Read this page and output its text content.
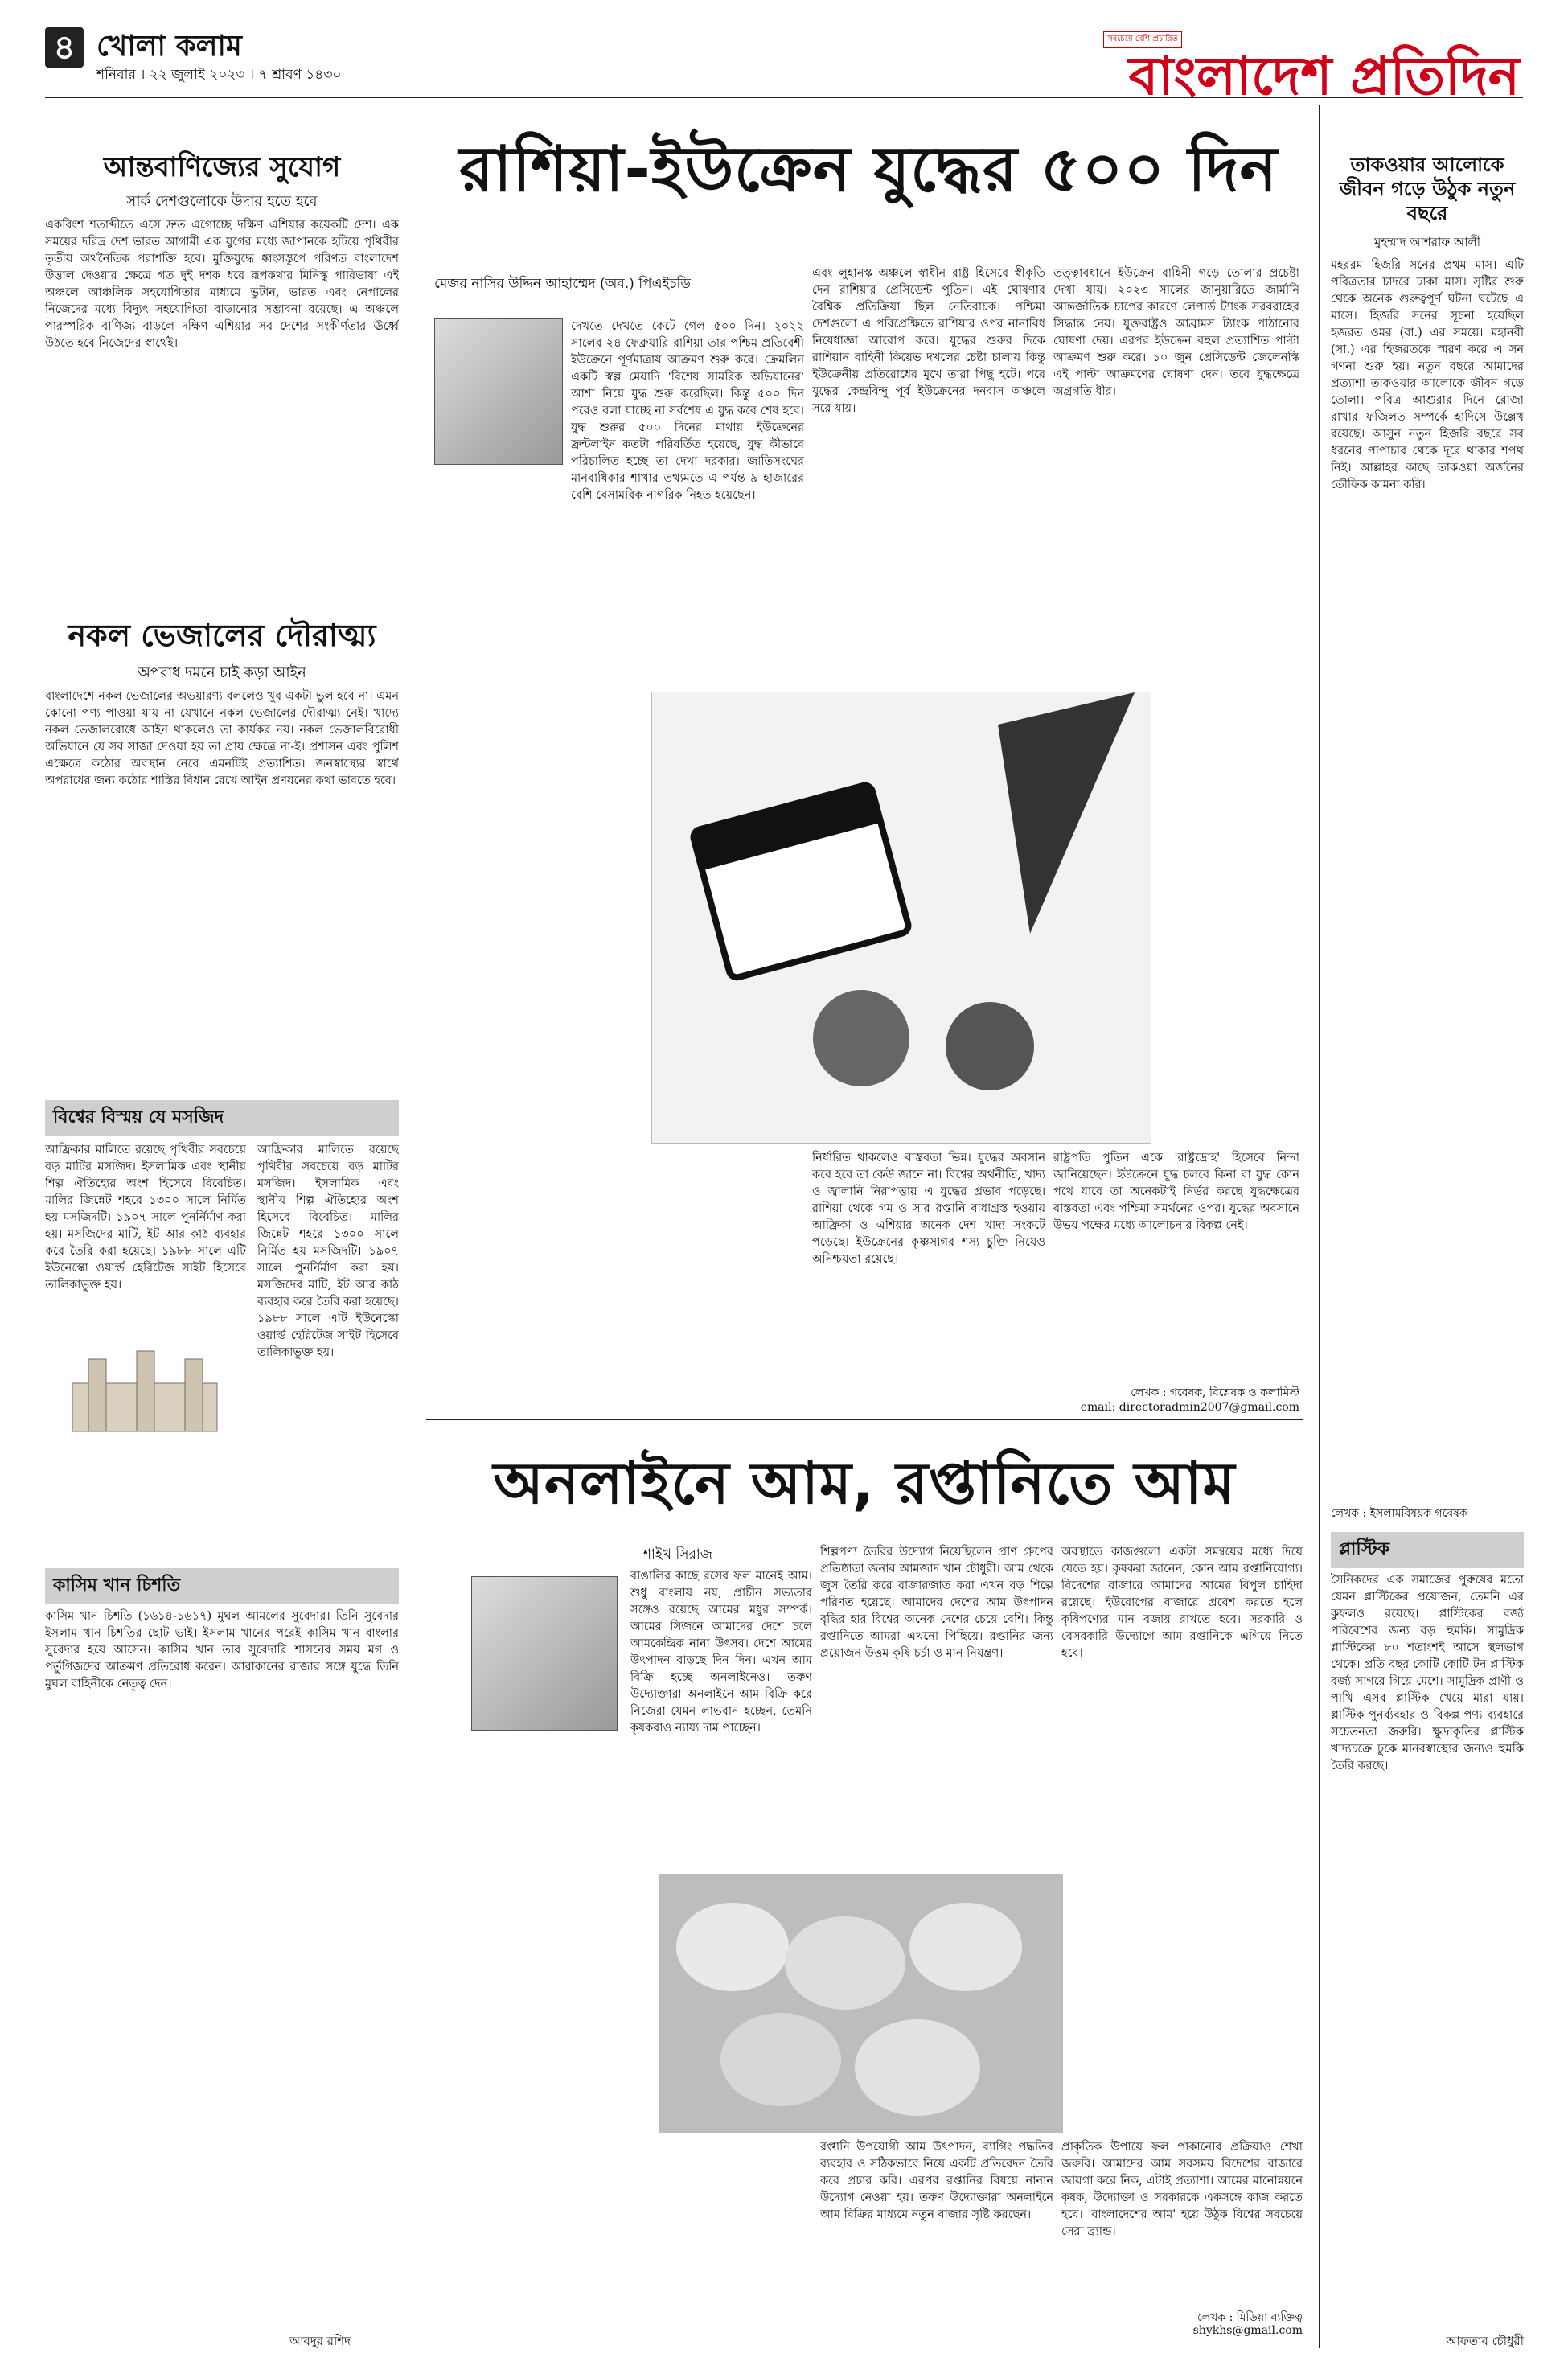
৪ খোলা কলাম
শনিবার । ২২ জুলাই ২০২৩ । ৭ শ্রাবণ ১৪৩০
সবচেয়ে বেশি প্রচারিত
বাংলাদেশ প্রতিদিন
আন্তবাণিজ্যের সুযোগ
সার্ক দেশগুলোকে উদার হতে হবে
একবিংশ শতাব্দীতে এসে দ্রুত এগোচ্ছে দক্ষিণ এশিয়ার কয়েকটি দেশ। এক সময়ের দরিদ্র দেশ ভারত আগামী এক যুগের মধ্যে জাপানকে হটিয়ে পৃথিবীর তৃতীয় অর্থনৈতিক পরাশক্তি হবে। মুক্তিযুদ্ধে ধ্বংসস্তূপে পরিণত বাংলাদেশ উত্তাল দেওয়ার ক্ষেত্রে গত দুই দশক ধরে রূপকথার মিনিস্কু পারিভাষা এই অঞ্চলে আঞ্চলিক সহযোগিতার মাধ্যমে ভুটান, ভারত এবং নেপালের নিজেদের মধ্যে বিদ্যুৎ সহযোগিতা বাড়ানোর সম্ভাবনা রয়েছে। এ অঞ্চলে পারস্পরিক বাণিজ্য বাড়লে দক্ষিণ এশিয়ার সব দেশের সংকীর্ণতার ঊর্ধ্বে উঠতে হবে নিজেদের স্বার্থেই।
নকল ভেজালের দৌরাত্ম্য
অপরাধ দমনে চাই কড়া আইন
বাংলাদেশে নকল ভেজালের অভয়ারণ্য বললেও খুব একটা ভুল হবে না। এমন কোনো পণ্য পাওয়া যায় না যেখানে নকল ভেজালের দৌরাত্ম্য নেই। খাদ্যে নকল ভেজালরোধে আইন থাকলেও তা কার্যকর নয়। নকল ভেজালবিরোধী অভিযানে যে সব সাজা দেওয়া হয় তা প্রায় ক্ষেত্রে না-ই। প্রশাসন এবং পুলিশ এক্ষেত্রে কঠোর অবস্থান নেবে এমনটিই প্রত্যাশিত। জনস্বাস্থ্যের স্বার্থে অপরাধের জন্য কঠোর শাস্তির বিধান রেখে আইন প্রণয়নের কথা ভাবতে হবে।
বিশ্বের বিস্ময় যে মসজিদ
আফ্রিকার মালিতে রয়েছে পৃথিবীর সবচেয়ে বড় মাটির মসজিদ। ইসলামিক এবং স্থানীয় শিল্প ঐতিহ্যের অংশ হিসেবে বিবেচিত। মালির জিন্নেট শহরে ১৩০০ সালে নির্মিত হয় মসজিদটি। ১৯০৭ সালে পুনর্নির্মাণ করা হয়। মসজিদের মাটি, ইট আর কাঠ ব্যবহার করে তৈরি করা হয়েছে। ১৯৮৮ সালে এটি ইউনেস্কো ওয়ার্ল্ড হেরিটেজ সাইট হিসেবে তালিকাভুক্ত হয়।
আফ্রিকার মালিতে রয়েছে পৃথিবীর সবচেয়ে বড় মাটির মসজিদ। ইসলামিক এবং স্থানীয় শিল্প ঐতিহ্যের অংশ হিসেবে বিবেচিত। মালির জিন্নেট শহরে ১৩০০ সালে নির্মিত হয় মসজিদটি। ১৯০৭ সালে পুনর্নির্মাণ করা হয়। মসজিদের মাটি, ইট আর কাঠ ব্যবহার করে তৈরি করা হয়েছে। ১৯৮৮ সালে এটি ইউনেস্কো ওয়ার্ল্ড হেরিটেজ সাইট হিসেবে তালিকাভুক্ত হয়।
কাসিম খান চিশতি
কাসিম খান চিশতি (১৬১৪-১৬১৭) মুঘল আমলের সুবেদার। তিনি সুবেদার ইসলাম খান চিশতির ছোট ভাই। ইসলাম খানের পরেই কাসিম খান বাংলার সুবেদার হয়ে আসেন। কাসিম খান তার সুবেদারি শাসনের সময় মগ ও পর্তুগিজদের আক্রমণ প্রতিরোধ করেন। আরাকানের রাজার সঙ্গে যুদ্ধে তিনি মুঘল বাহিনীকে নেতৃত্ব দেন।
আবদুর রশিদ
রাশিয়া-ইউক্রেন যুদ্ধের ৫০০ দিন
মেজর নাসির উদ্দিন আহাম্মেদ (অব.) পিএইচডি
দেখতে দেখতে কেটে গেল ৫০০ দিন। ২০২২ সালের ২৪ ফেব্রুয়ারি রাশিয়া তার পশ্চিম প্রতিবেশী ইউক্রেনে পূর্ণমাত্রায় আক্রমণ শুরু করে। ক্রেমলিন একটি স্বল্প মেয়াদি 'বিশেষ সামরিক অভিযানের' আশা নিয়ে যুদ্ধ শুরু করেছিল। কিন্তু ৫০০ দিন পরেও বলা যাচ্ছে না সর্বশেষ এ যুদ্ধ কবে শেষ হবে। যুদ্ধ শুরুর ৫০০ দিনের মাথায় ইউক্রেনের ফ্রন্টলাইন কতটা পরিবর্তিত হয়েছে, যুদ্ধ কীভাবে পরিচালিত হচ্ছে তা দেখা দরকার। জাতিসংঘের মানবাধিকার শাখার তথ্যমতে এ পর্যন্ত ৯ হাজারের বেশি বেসামরিক নাগরিক নিহত হয়েছেন।
এবং লুহানস্ক অঞ্চলে স্বাধীন রাষ্ট্র হিসেবে স্বীকৃতি দেন রাশিয়ার প্রেসিডেন্ট পুতিন। এই ঘোষণার বৈশ্বিক প্রতিক্রিয়া ছিল নেতিবাচক। পশ্চিমা দেশগুলো এ পরিপ্রেক্ষিতে রাশিয়ার ওপর নানাবিধ নিষেধাজ্ঞা আরোপ করে। যুদ্ধের শুরুর দিকে রাশিয়ান বাহিনী কিয়েভ দখলের চেষ্টা চালায় কিন্তু ইউক্রেনীয় প্রতিরোধের মুখে তারা পিছু হটে। পরে যুদ্ধের কেন্দ্রবিন্দু পূর্ব ইউক্রেনের দনবাস অঞ্চলে সরে যায়।
তত্ত্বাবধানে ইউক্রেন বাহিনী গড়ে তোলার প্রচেষ্টা দেখা যায়। ২০২৩ সালের জানুয়ারিতে জার্মানি আন্তর্জাতিক চাপের কারণে লেপার্ড ট্যাংক সরবরাহের সিদ্ধান্ত নেয়। যুক্তরাষ্ট্রও আব্রামস ট্যাংক পাঠানোর ঘোষণা দেয়। এরপর ইউক্রেন বহুল প্রত্যাশিত পাল্টা আক্রমণ শুরু করে। ১০ জুন প্রেসিডেন্ট জেলেনস্কি এই পাল্টা আক্রমণের ঘোষণা দেন। তবে যুদ্ধক্ষেত্রে অগ্রগতি ধীর।
নির্ধারিত থাকলেও বাস্তবতা ভিন্ন। যুদ্ধের অবসান কবে হবে তা কেউ জানে না। বিশ্বের অর্থনীতি, খাদ্য ও জ্বালানি নিরাপত্তায় এ যুদ্ধের প্রভাব পড়েছে। রাশিয়া থেকে গম ও সার রপ্তানি বাধাগ্রস্ত হওয়ায় আফ্রিকা ও এশিয়ার অনেক দেশ খাদ্য সংকটে পড়েছে। ইউক্রেনের কৃষ্ণসাগর শস্য চুক্তি নিয়েও অনিশ্চয়তা রয়েছে।
রাষ্ট্রপতি পুতিন একে 'রাষ্ট্রদ্রোহ' হিসেবে নিন্দা জানিয়েছেন। ইউক্রেনে যুদ্ধ চলবে কিনা বা যুদ্ধ কোন পথে যাবে তা অনেকটাই নির্ভর করছে যুদ্ধক্ষেত্রের বাস্তবতা এবং পশ্চিমা সমর্থনের ওপর। যুদ্ধের অবসানে উভয় পক্ষের মধ্যে আলোচনার বিকল্প নেই।
লেখক : গবেষক, বিশ্লেষক ও কলামিস্ট
email: directoradmin2007@gmail.com
অনলাইনে আম, রপ্তানিতে আম
শাইখ সিরাজ
বাঙালির কাছে রসের ফল মানেই আম। শুধু বাংলায় নয়, প্রাচীন সভ্যতার সঙ্গেও রয়েছে আমের মধুর সম্পর্ক। আমের সিজনে আমাদের দেশে চলে আমকেন্দ্রিক নানা উৎসব। দেশে আমের উৎপাদন বাড়ছে দিন দিন। এখন আম বিক্রি হচ্ছে অনলাইনেও। তরুণ উদ্যোক্তারা অনলাইনে আম বিক্রি করে নিজেরা যেমন লাভবান হচ্ছেন, তেমনি কৃষকরাও ন্যায্য দাম পাচ্ছেন।
শিল্পপণ্য তৈরির উদ্যোগ নিয়েছিলেন প্রাণ গ্রুপের প্রতিষ্ঠাতা জনাব আমজাদ খান চৌধুরী। আম থেকে জুস তৈরি করে বাজারজাত করা এখন বড় শিল্পে পরিণত হয়েছে। আমাদের দেশের আম উৎপাদন বৃদ্ধির হার বিশ্বের অনেক দেশের চেয়ে বেশি। কিন্তু রপ্তানিতে আমরা এখনো পিছিয়ে। রপ্তানির জন্য প্রয়োজন উত্তম কৃষি চর্চা ও মান নিয়ন্ত্রণ।
অবস্থাতে কাজগুলো একটা সমন্বয়ের মধ্যে দিয়ে যেতে হয়। কৃষকরা জানেন, কোন আম রপ্তানিযোগ্য। বিদেশের বাজারে আমাদের আমের বিপুল চাহিদা রয়েছে। ইউরোপের বাজারে প্রবেশ করতে হলে কৃষিপণ্যের মান বজায় রাখতে হবে। সরকারি ও বেসরকারি উদ্যোগে আম রপ্তানিকে এগিয়ে নিতে হবে।
রপ্তানি উপযোগী আম উৎপাদন, ব্যাগিং পদ্ধতির ব্যবহার ও সঠিকভাবে নিয়ে একটি প্রতিবেদন তৈরি করে প্রচার করি। এরপর রপ্তানির বিষয়ে নানান উদ্যোগ নেওয়া হয়। তরুণ উদ্যোক্তারা অনলাইনে আম বিক্রির মাধ্যমে নতুন বাজার সৃষ্টি করছেন।
প্রাকৃতিক উপায়ে ফল পাকানোর প্রক্রিয়াও শেখা জরুরি। আমাদের আম সবসময় বিদেশের বাজারে জায়গা করে নিক, এটাই প্রত্যাশা। আমের মানোন্নয়নে কৃষক, উদ্যোক্তা ও সরকারকে একসঙ্গে কাজ করতে হবে। 'বাংলাদেশের আম' হয়ে উঠুক বিশ্বের সবচেয়ে সেরা ব্র্যান্ড।
লেখক : মিডিয়া ব্যক্তিত্ব
shykhs@gmail.com
তাকওয়ার আলোকে জীবন গড়ে উঠুক নতুন বছরে
মুহম্মাদ আশরাফ আলী
মহররম হিজরি সনের প্রথম মাস। এটি পবিত্রতার চাদরে ঢাকা মাস। সৃষ্টির শুরু থেকে অনেক গুরুত্বপূর্ণ ঘটনা ঘটেছে এ মাসে। হিজরি সনের সূচনা হয়েছিল হজরত ওমর (রা.) এর সময়ে। মহানবী (সা.) এর হিজরতকে স্মরণ করে এ সন গণনা শুরু হয়। নতুন বছরে আমাদের প্রত্যাশা তাকওয়ার আলোকে জীবন গড়ে তোলা। পবিত্র আশুরার দিনে রোজা রাখার ফজিলত সম্পর্কে হাদিসে উল্লেখ রয়েছে। আসুন নতুন হিজরি বছরে সব ধরনের পাপাচার থেকে দূরে থাকার শপথ নিই। আল্লাহর কাছে তাকওয়া অর্জনের তৌফিক কামনা করি।
লেখক : ইসলামবিষয়ক গবেষক
প্লাস্টিক
সৈনিকদের এক সমাজের পুরুষের মতো যেমন প্লাস্টিকের প্রয়োজন, তেমনি এর কুফলও রয়েছে। প্লাস্টিকের বর্জ্য পরিবেশের জন্য বড় হুমকি। সামুদ্রিক প্লাস্টিকের ৮০ শতাংশই আসে স্থলভাগ থেকে। প্রতি বছর কোটি কোটি টন প্লাস্টিক বর্জ্য সাগরে গিয়ে মেশে। সামুদ্রিক প্রাণী ও পাখি এসব প্লাস্টিক খেয়ে মারা যায়। প্লাস্টিক পুনর্ব্যবহার ও বিকল্প পণ্য ব্যবহারে সচেতনতা জরুরি। ক্ষুদ্রাকৃতির প্লাস্টিক খাদ্যচক্রে ঢুকে মানবস্বাস্থ্যের জন্যও হুমকি তৈরি করছে।
আফতাব চৌধুরী
